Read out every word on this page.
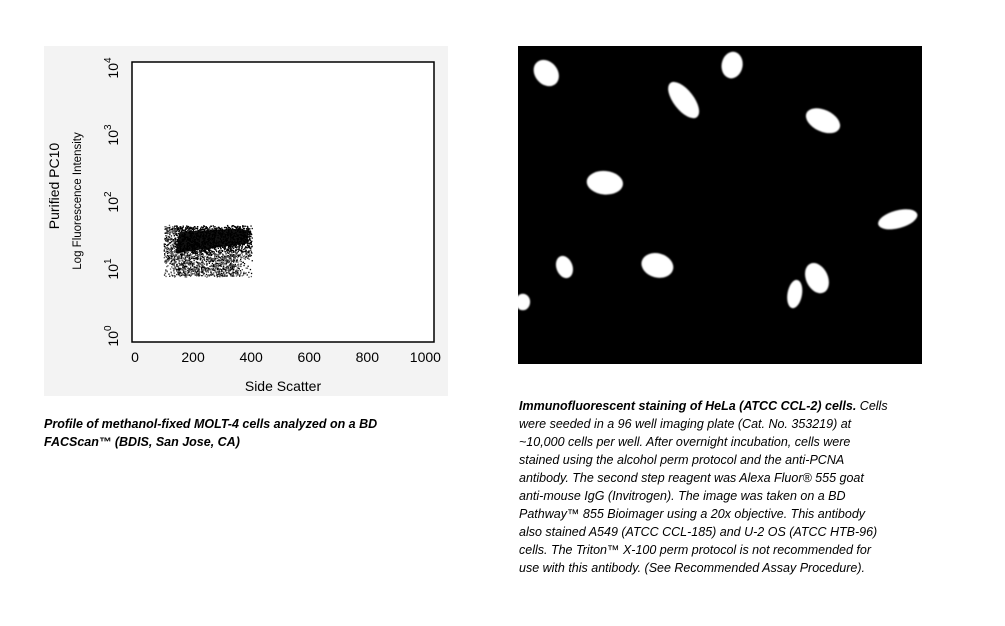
0	200 400 600 800 1000
$10^0$
$10^1$
$10^2$
$10^3$
$10^4$
Side Scatter
Purified PC10 Log Fluorescence Intensity
Profile of methanol-fixed MOLT-4 cells analyzed on a BD FACScan™ (BDIS, San Jose, CA)
Immunofluorescent staining of HeLa (ATCC CCL-2) cells. Cells were seeded in a 96 well imaging plate (Cat. No. 353219) at ~10,000 cells per well. After overnight incubation, cells were stained using the alcohol perm protocol and the anti-PCNA antibody. The second step reagent was Alexa Fluor® 555 goat anti-mouse IgG (Invitrogen). The image was taken on a BD Pathway™ 855 Bioimager using a 20x objective. This antibody also stained A549 (ATCC CCL-185) and U-2 OS (ATCC HTB-96) cells. The Triton™ X-100 perm protocol is not recommended for use with this antibody. (See Recommended Assay Procedure).
